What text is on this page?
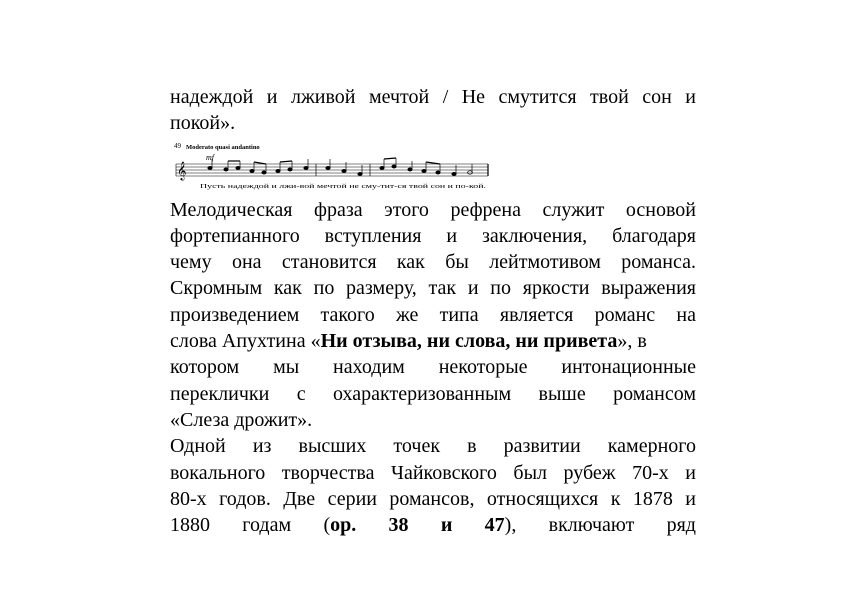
надеждой и лживой мечтой / Не смутится твой сон и
покой».
49 Moderato quasi andantino
mf
𝄞
Пусть надеждой и лжи-вой мечтой не сму-тит-ся твой сон и по-кой.
Мелодическая фраза этого рефрена служит основой
фортепианного вступления и заключения, благодаря
чему она становится как бы лейтмотивом романса.
Скромным как по размеру, так и по яркости выражения
произведением такого же типа является романс на
слова Апухтина «Ни отзыва, ни слова, ни привета», в
котором мы находим некоторые интонационные
переклички с охарактеризованным выше романсом
«Слеза дрожит».
Одной из высших точек в развитии камерного
вокального творчества Чайковского был рубеж 70-х и
80-х годов. Две серии романсов, относящихся к 1878 и
1880 годам (ор. 38 и 47), включают ряд
